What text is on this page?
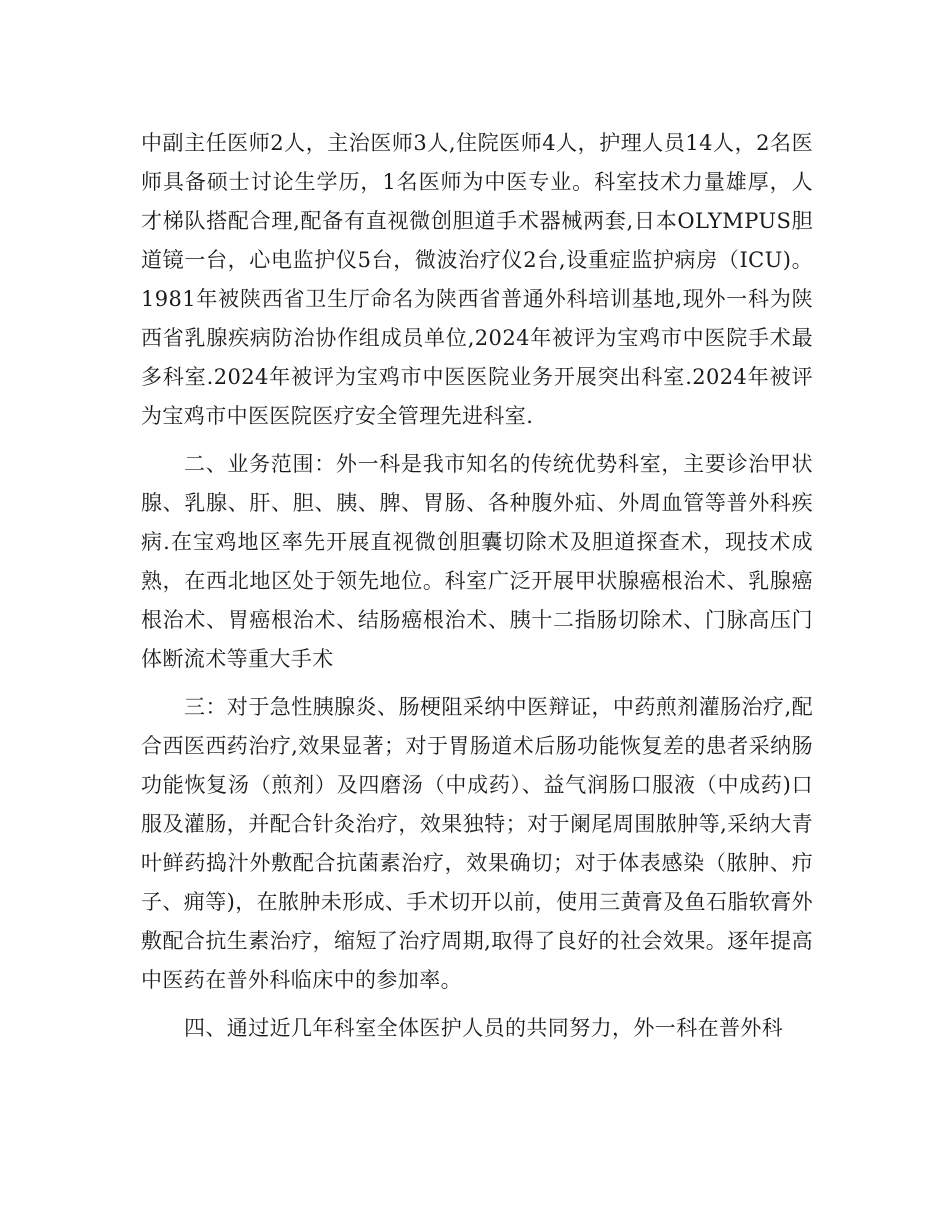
中副主任医师2人，主治医师3人,住院医师4人，护理人员14人，2名医师具备硕士讨论生学历，1名医师为中医专业。科室技术力量雄厚，人才梯队搭配合理,配备有直视微创胆道手术器械两套,日本OLYMPUS胆道镜一台，心电监护仪5台，微波治疗仪2台,设重症监护病房（ICU)。1981年被陕西省卫生厅命名为陕西省普通外科培训基地,现外一科为陕西省乳腺疾病防治协作组成员单位,2024年被评为宝鸡市中医院手术最多科室.2024年被评为宝鸡市中医医院业务开展突出科室.2024年被评为宝鸡市中医医院医疗安全管理先进科室.

二、业务范围：外一科是我市知名的传统优势科室，主要诊治甲状腺、乳腺、肝、胆、胰、脾、胃肠、各种腹外疝、外周血管等普外科疾病.在宝鸡地区率先开展直视微创胆囊切除术及胆道探查术，现技术成熟，在西北地区处于领先地位。科室广泛开展甲状腺癌根治术、乳腺癌根治术、胃癌根治术、结肠癌根治术、胰十二指肠切除术、门脉高压门体断流术等重大手术

三：对于急性胰腺炎、肠梗阻采纳中医辩证，中药煎剂灌肠治疗,配合西医西药治疗,效果显著；对于胃肠道术后肠功能恢复差的患者采纳肠功能恢复汤（煎剂）及四磨汤（中成药）、益气润肠口服液（中成药)口服及灌肠，并配合针灸治疗，效果独特；对于阑尾周围脓肿等,采纳大青叶鲜药捣汁外敷配合抗菌素治疗，效果确切；对于体表感染（脓肿、疖子、痈等)，在脓肿未形成、手术切开以前，使用三黄膏及鱼石脂软膏外敷配合抗生素治疗，缩短了治疗周期,取得了良好的社会效果。逐年提高中医药在普外科临床中的参加率。

四、通过近几年科室全体医护人员的共同努力，外一科在普外科
